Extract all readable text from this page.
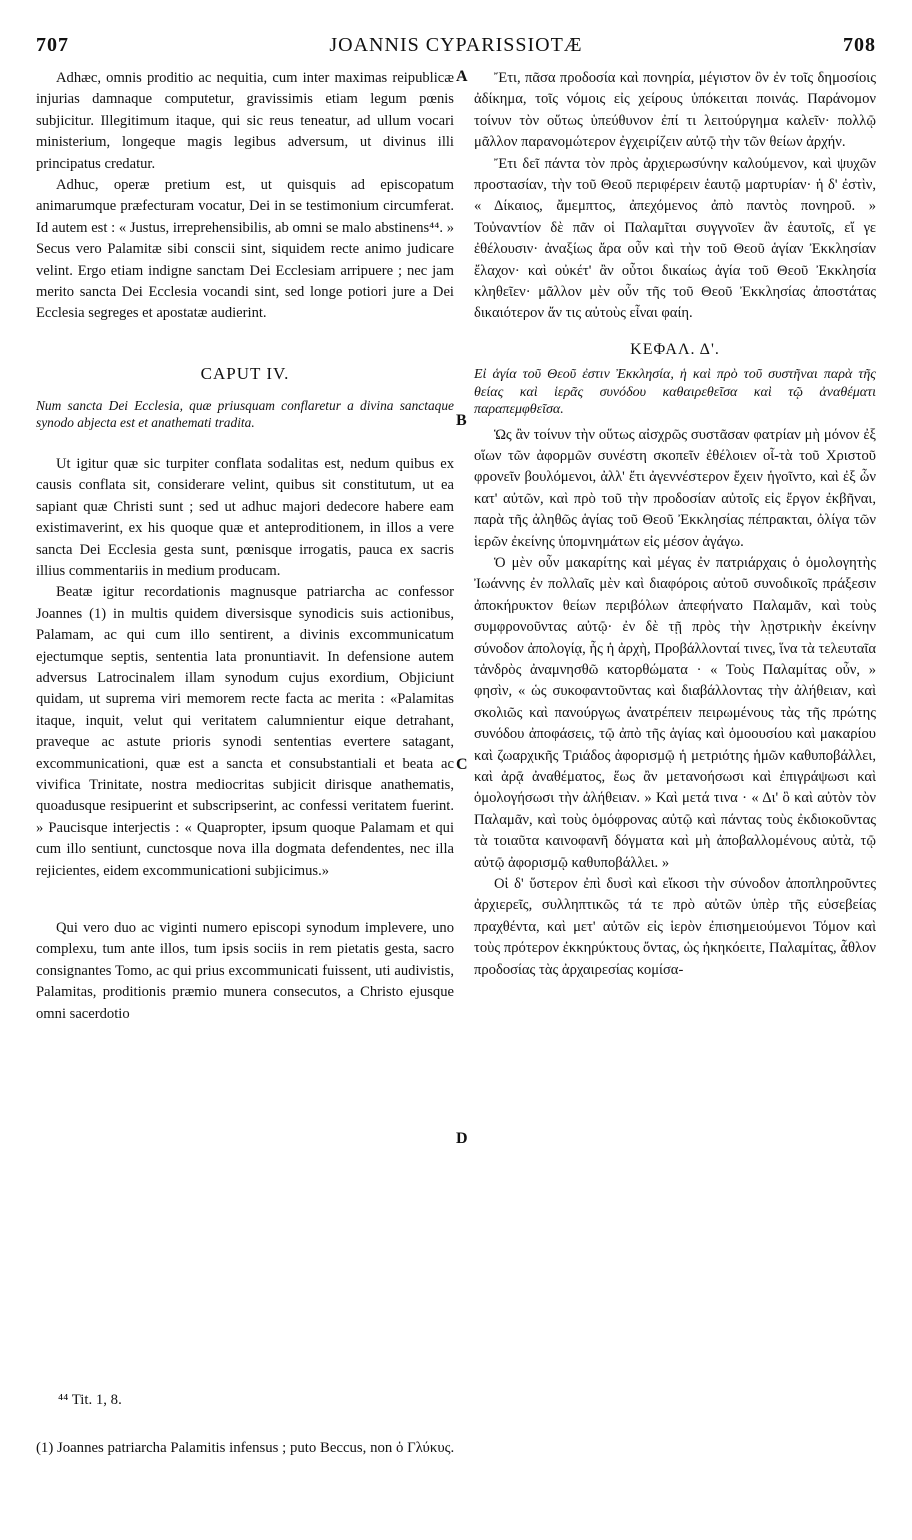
707	JOANNIS CYPARISSIOTÆ	708

Adhæc, omnis proditio ac nequitia, cum inter maximas reipublicæ injurias damnaque computetur, gravissimis etiam legum pœnis subjicitur. Illegitimum itaque, qui sic reus teneatur, ad ullum vocari ministerium, longeque magis legibus adversum, ut divinus illi principatus credatur.

Adhuc, operæ pretium est, ut quisquis ad episcopatum animarumque præfecturam vocatur, Dei in se testimonium circumferat. Id autem est : « Justus, irreprehensibilis, ab omni se malo abstinens⁴⁴. » Secus vero Palamitæ sibi conscii sint, siquidem recte animo judicare velint. Ergo etiam indigne sanctam Dei Ecclesiam arripuere ; nec jam merito sancta Dei Ecclesia vocandi sint, sed longe potiori jure a Dei Ecclesia segreges et apostatæ audierint.

CAPUT IV.

Num sancta Dei Ecclesia, quæ priusquam conflaretur a divina sanctaque synodo abjecta est et anathemati tradita.

Ut igitur quæ sic turpiter conflata sodalitas est, nedum quibus ex causis conflata sit, considerare velint, quibus sit constitutum, ut ea sapiant quæ Christi sunt ; sed ut adhuc majori dedecore habere eam existimaverint, ex his quoque quæ et anteproditionem, in illos a vere sancta Dei Ecclesia gesta sunt, pœnisque irrogatis, pauca ex sacris illius commentariis in medium producam.

Beatæ igitur recordationis magnusque patriarcha ac confessor Joannes (1) in multis quidem diversisque synodicis suis actionibus, Palamam, ac qui cum illo sentirent, a divinis excommunicatum ejectumque septis, sententia lata pronuntiavit. In defensione autem adversus Latrocinalem illam synodum cujus exordium, Objiciunt quidam, ut suprema viri memorem recte facta ac merita : «Palamitas itaque, inquit, velut qui veritatem calumnientur eique detrahant, praveque ac astute prioris synodi sententias evertere satagant, excommunicationi, quæ est a sancta et consubstantiali et beata ac vivifica Trinitate, nostra mediocritas subjicit dirisque anathematis, quoadusque resipuerint et subscripserint, ac confessi veritatem fuerint. » Paucisque interjectis : « Quapropter, ipsum quoque Palamam et qui cum illo sentiunt, cunctosque nova illa dogmata defendentes, nec illa rejicientes, eidem excommunicationi subjicimus.»

Qui vero duo ac viginti numero episcopi synodum implevere, uno complexu, tum ante illos, tum ipsis sociis in rem pietatis gesta, sacro consignantes Tomo, ac qui prius excommunicati fuissent, uti audivistis, Palamitas, proditionis præmio munera consecutos, a Christo ejusque omni sacerdotio

A
B
C
D

Ἔτι, πᾶσα προδοσία καὶ πονηρία, μέγιστον ὂν ἐν τοῖς δημοσίοις ἀδίκημα, τοῖς νόμοις εἰς χείρους ὑπόκειται ποινάς. Παράνομον τοίνυν τὸν οὕτως ὑπεύθυνον ἐπί τι λειτούργημα καλεῖν· πολλῷ μᾶλλον παρανομώτερον ἐγχειρίζειν αὐτῷ τὴν τῶν θείων ἀρχήν.

Ἔτι δεῖ πάντα τὸν πρὸς ἀρχιερωσύνην καλούμενον, καὶ ψυχῶν προστασίαν, τὴν τοῦ Θεοῦ περιφέρειν ἑαυτῷ μαρτυρίαν· ἡ δ' ἐστὶν, « Δίκαιος, ἄμεμπτος, ἀπεχόμενος ἀπὸ παντὸς πονηροῦ. » Τοὐναντίον δὲ πᾶν οἱ Παλαμῖται συγγνοῖεν ἂν ἑαυτοῖς, εἴ γε ἐθέλουσιν· ἀναξίως ἄρα οὖν καὶ τὴν τοῦ Θεοῦ ἁγίαν Ἐκκλησίαν ἔλαχον· καὶ οὐκέτ' ἂν οὗτοι δικαίως ἁγία τοῦ Θεοῦ Ἐκκλησία κληθεῖεν· μᾶλλον μὲν οὖν τῆς τοῦ Θεοῦ Ἐκκλησίας ἀποστάτας δικαιότερον ἄν τις αὐτοὺς εἶναι φαίη.

ΚΕΦΑΛ. Δ'.

Εἰ ἁγία τοῦ Θεοῦ ἐστιν Ἐκκλησία, ἡ καὶ πρὸ τοῦ συστῆναι παρὰ τῆς θείας καὶ ἱερᾶς συνόδου καθαιρεθεῖσα καὶ τῷ ἀναθέματι παραπεμφθεῖσα.

Ὡς ἂν τοίνυν τὴν οὕτως αἰσχρῶς συστᾶσαν φατρίαν μὴ μόνον ἐξ οἵων τῶν ἀφορμῶν συνέστη σκοπεῖν ἐθέλοιεν οἷ-τὰ τοῦ Χριστοῦ φρονεῖν βουλόμενοι, ἀλλ' ἔτι ἀγεννέστερον ἔχειν ἡγοῖντο, καὶ ἐξ ὧν κατ' αὐτῶν, καὶ πρὸ τοῦ τὴν προδοσίαν αὐτοῖς εἰς ἔργον ἐκβῆναι, παρὰ τῆς ἀληθῶς ἁγίας τοῦ Θεοῦ Ἐκκλησίας πέπρακται, ὀλίγα τῶν ἱερῶν ἐκείνης ὑπομνημάτων εἰς μέσον ἀγάγω.

Ὁ μὲν οὖν μακαρίτης καὶ μέγας ἐν πατριάρχαις ὁ ὁμολογητὴς Ἰωάννης ἐν πολλαῖς μὲν καὶ διαφόροις αὐτοῦ συνοδικοῖς πράξεσιν ἀποκήρυκτον θείων περιβόλων ἀπεφήνατο Παλαμᾶν, καὶ τοὺς συμφρονοῦντας αὐτῷ· ἐν δὲ τῇ πρὸς τὴν λῃστρικὴν ἐκείνην σύνοδον ἀπολογίᾳ, ἧς ἡ ἀρχὴ, Προβάλλονταί τινες, ἵνα τὰ τελευταῖα τἀνδρὸς ἀναμνησθῶ κατορθώματα · « Τοὺς Παλαμίτας οὖν, » φησὶν, « ὡς συκοφαντοῦντας καὶ διαβάλλοντας τὴν ἀλήθειαν, καὶ σκολιῶς καὶ πανούργως ἀνατρέπειν πειρωμένους τὰς τῆς πρώτης συνόδου ἀποφάσεις, τῷ ἀπὸ τῆς ἁγίας καὶ ὁμοουσίου καὶ μακαρίου καὶ ζωαρχικῆς Τριάδος ἀφορισμῷ ἡ μετριότης ἡμῶν καθυποβάλλει, καὶ ἀρᾷ ἀναθέματος, ἕως ἂν μετανοήσωσι καὶ ἐπιγράψωσι καὶ ὁμολογήσωσι τὴν ἀλήθειαν. » Καὶ μετά τινα · « Δι' ὃ καὶ αὐτὸν τὸν Παλαμᾶν, καὶ τοὺς ὁμόφρονας αὐτῷ καὶ πάντας τοὺς ἐκδιοκοῦντας τὰ τοιαῦτα καινοφανῆ δόγματα καὶ μὴ ἀποβαλλομένους αὐτὰ, τῷ αὐτῷ ἀφορισμῷ καθυποβάλλει. »

Οἱ δ' ὕστερον ἐπὶ δυσὶ καὶ εἴκοσι τὴν σύνοδον ἀποπληροῦντες ἀρχιερεῖς, συλληπτικῶς τά τε πρὸ αὐτῶν ὑπὲρ τῆς εὐσεβείας πραχθέντα, καὶ μετ' αὐτῶν εἰς ἱερὸν ἐπισημειούμενοι Τόμον καὶ τοὺς πρότερον ἐκκηρύκτους ὄντας, ὡς ἠκηκόειτε, Παλαμίτας, ἆθλον προδοσίας τὰς ἀρχαιρεσίας κομίσα-

⁴⁴ Tit. 1, 8.
(1) Joannes patriarcha Palamitis infensus ; puto Beccus, non ὁ Γλύκυς.
